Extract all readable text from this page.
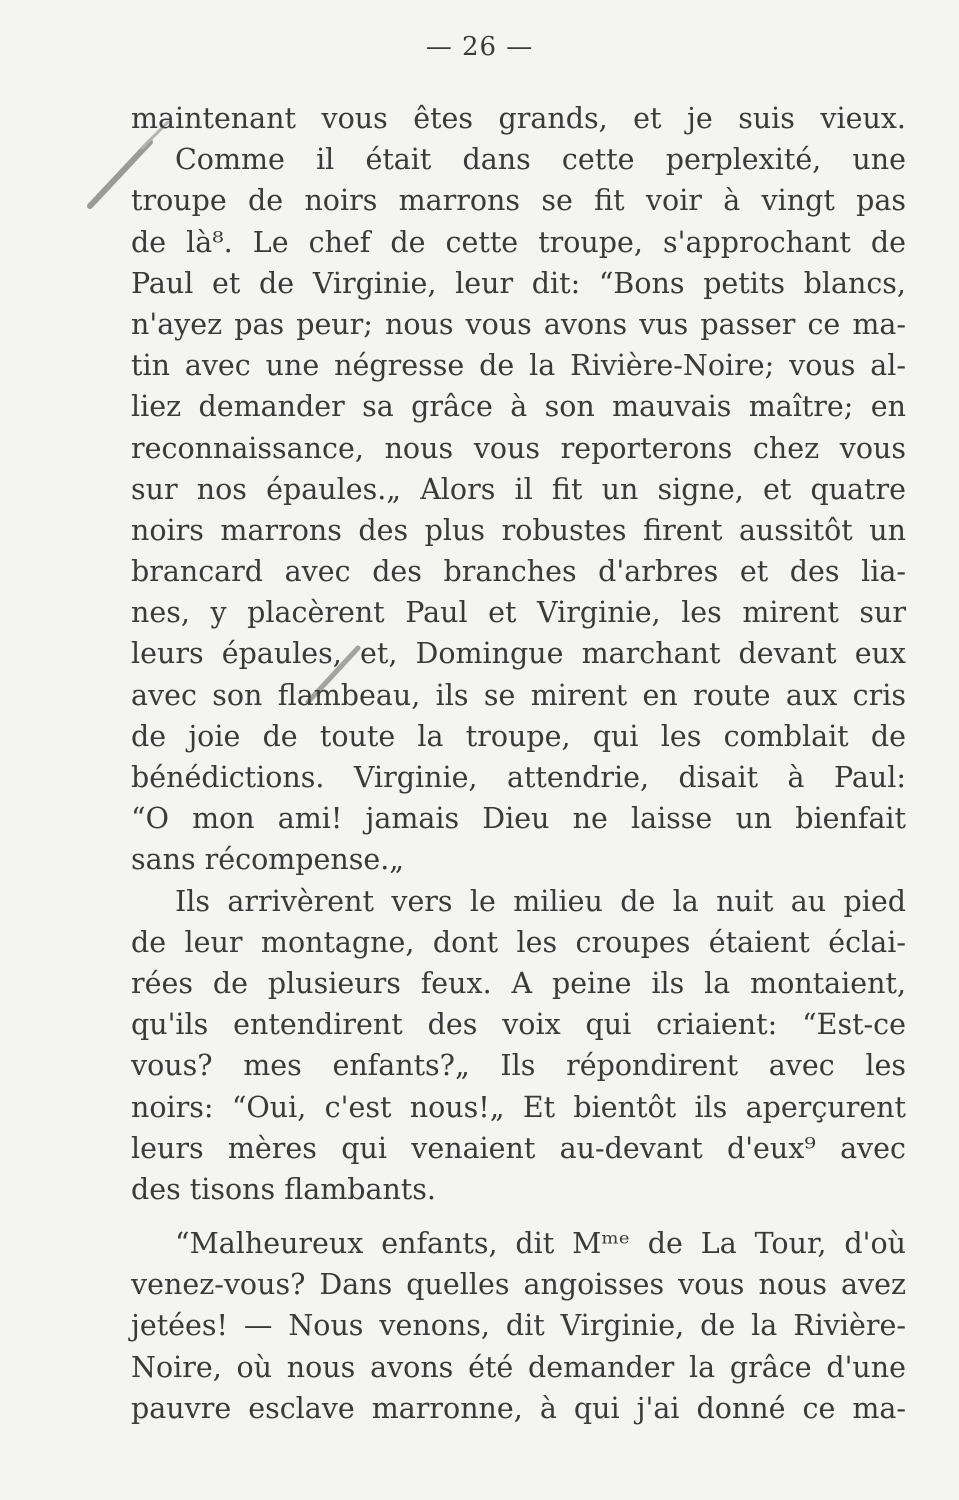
— 26 —
maintenant vous êtes grands, et je suis vieux.
Comme il était dans cette perplexité, une
troupe de noirs marrons se fit voir à vingt pas
de là⁸. Le chef de cette troupe, s'approchant de
Paul et de Virginie, leur dit: “Bons petits blancs,
n'ayez pas peur; nous vous avons vus passer ce ma-
tin avec une négresse de la Rivière-Noire; vous al-
liez demander sa grâce à son mauvais maître; en
reconnaissance, nous vous reporterons chez vous
sur nos épaules.„ Alors il fit un signe, et quatre
noirs marrons des plus robustes firent aussitôt un
brancard avec des branches d'arbres et des lia-
nes, y placèrent Paul et Virginie, les mirent sur
leurs épaules, et, Domingue marchant devant eux
avec son flambeau, ils se mirent en route aux cris
de joie de toute la troupe, qui les comblait de
bénédictions. Virginie, attendrie, disait à Paul:
“O mon ami! jamais Dieu ne laisse un bienfait
sans récompense.„
Ils arrivèrent vers le milieu de la nuit au pied
de leur montagne, dont les croupes étaient éclai-
rées de plusieurs feux. A peine ils la montaient,
qu'ils entendirent des voix qui criaient: “Est-ce
vous? mes enfants?„ Ils répondirent avec les
noirs: “Oui, c'est nous!„ Et bientôt ils aperçurent
leurs mères qui venaient au-devant d'eux⁹ avec
des tisons flambants.
“Malheureux enfants, dit Mᵐᵉ de La Tour, d'où
venez-vous? Dans quelles angoisses vous nous avez
jetées! — Nous venons, dit Virginie, de la Rivière-
Noire, où nous avons été demander la grâce d'une
pauvre esclave marronne, à qui j'ai donné ce ma-
